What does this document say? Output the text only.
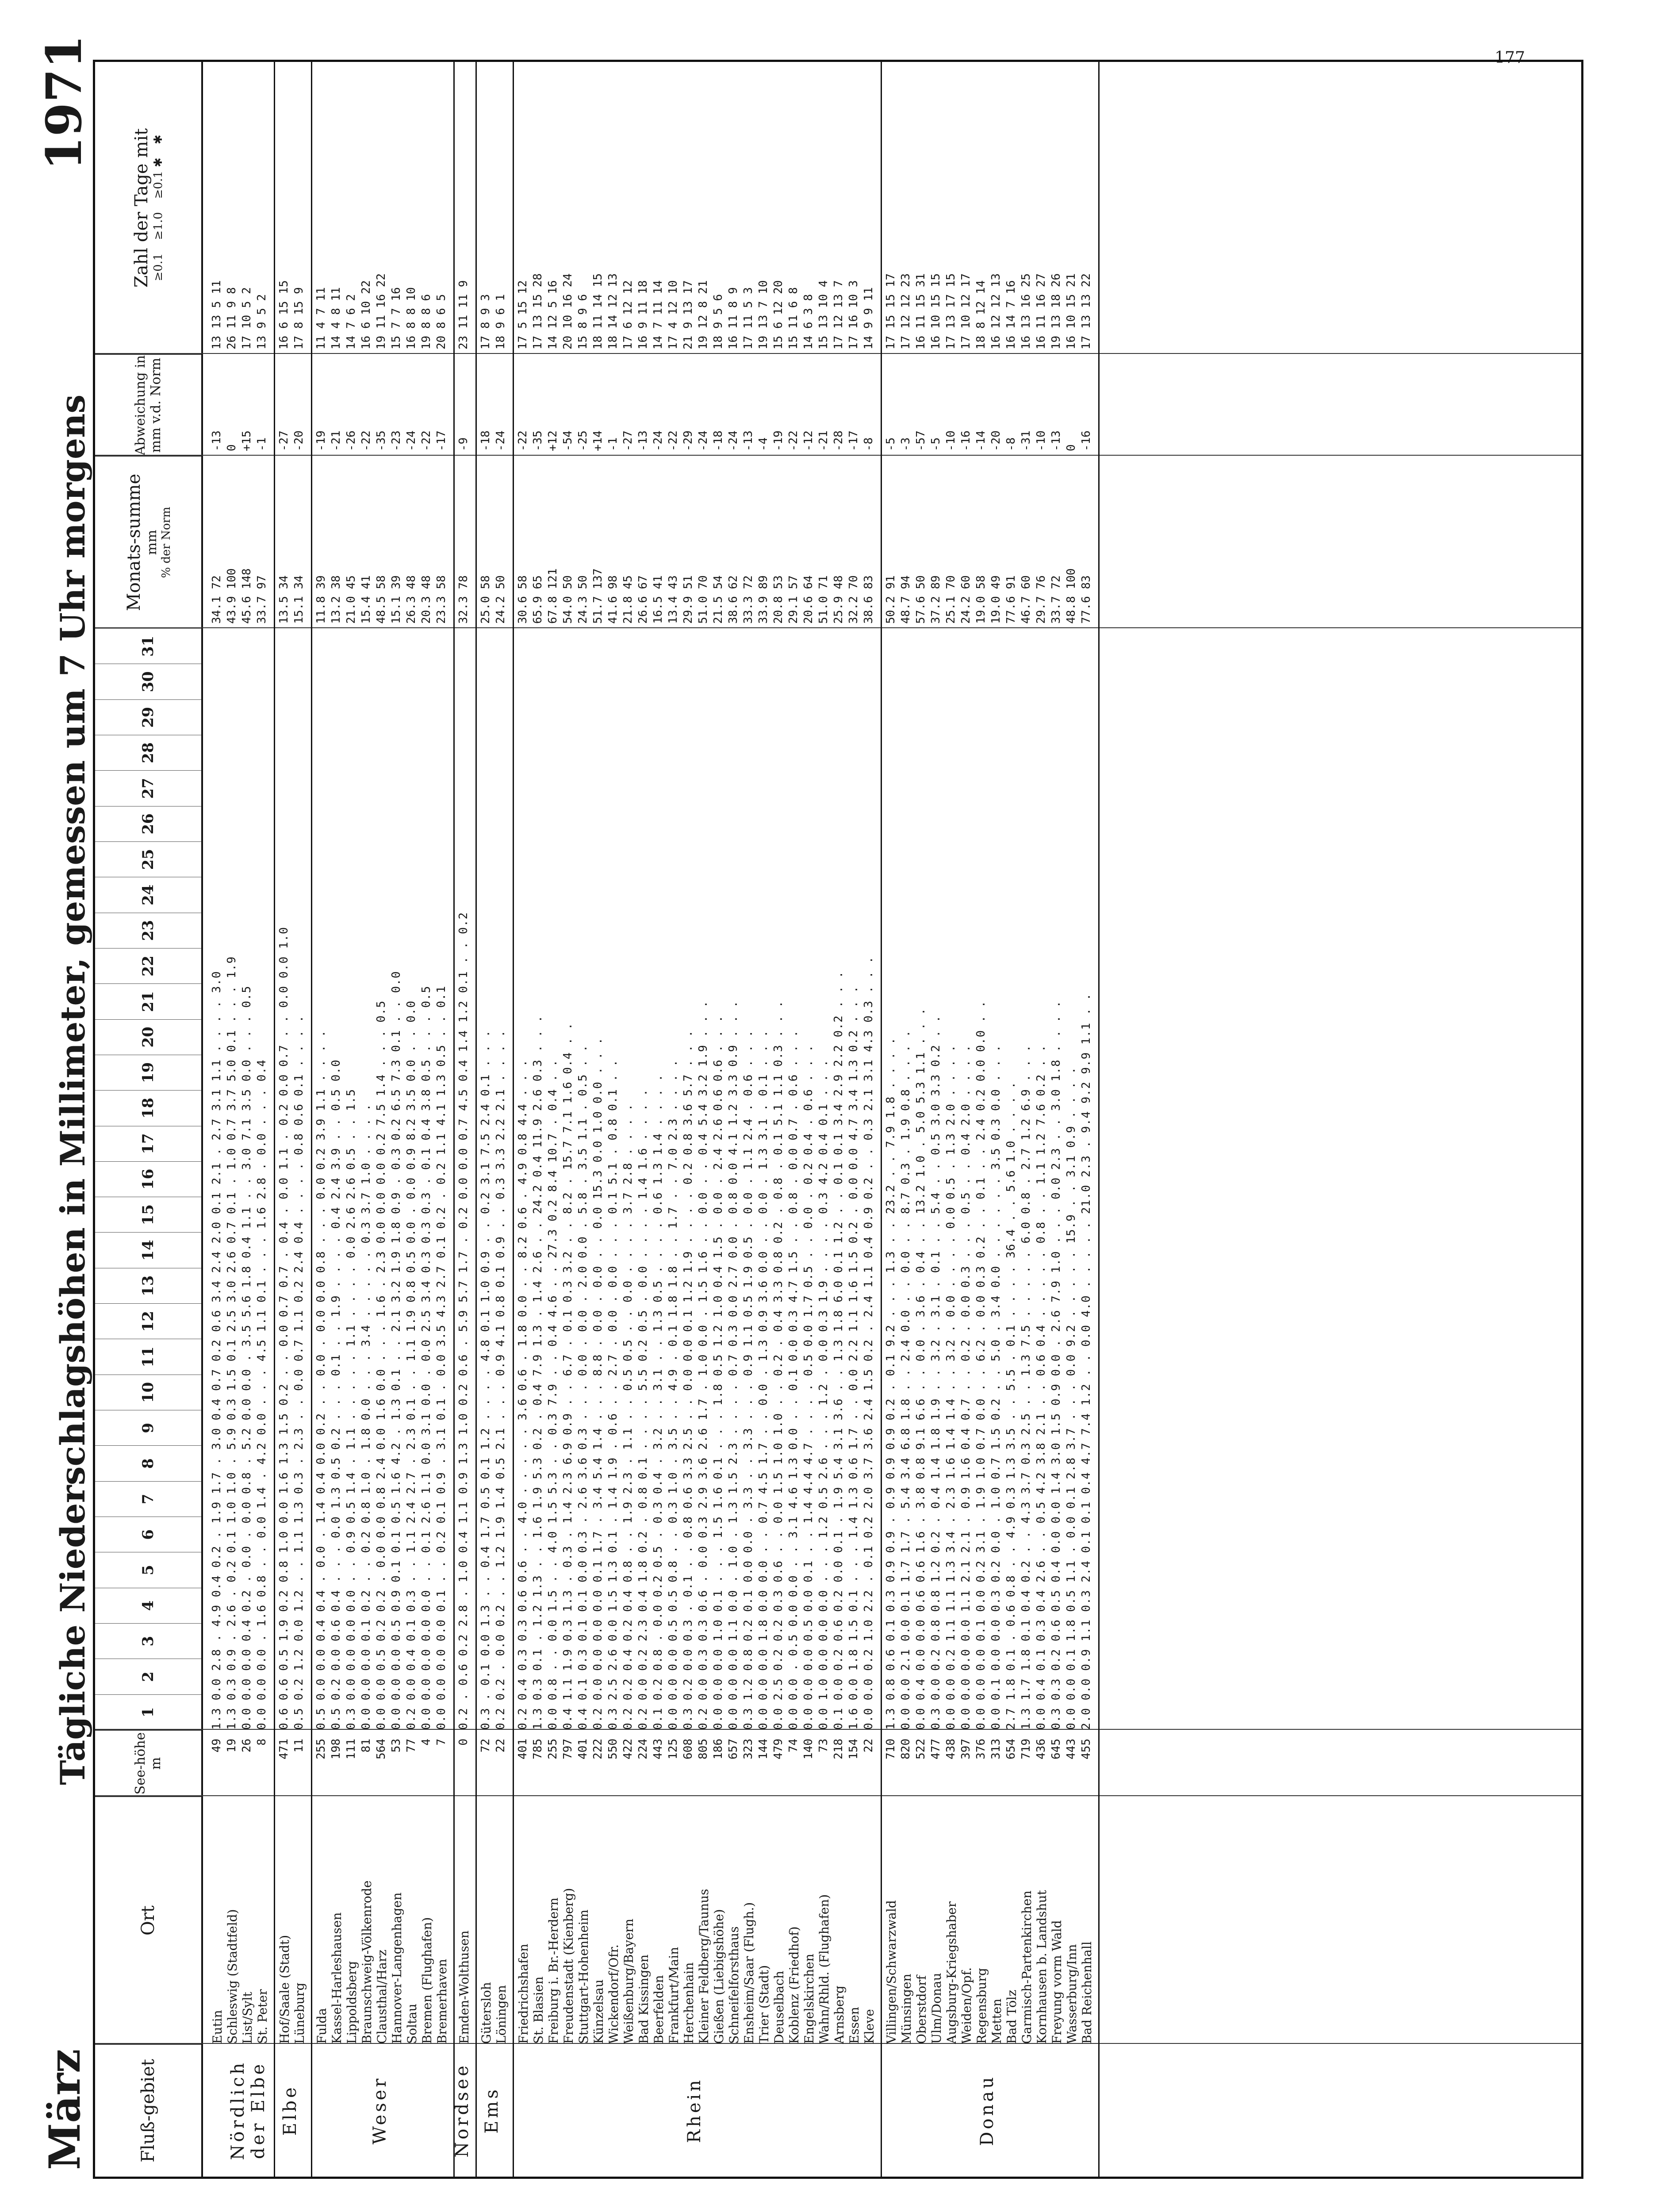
177
März
Tägliche Niederschlagshöhen in Millimeter, gemessen um 7 Uhr morgens
1971
Fluß-gebiet
Ort
See-höhe m
1
2
3
4
5
6
7
8
9
10
11
12
13
14
15
16
17
18
19
20
21
22
23
24
25
26
27
28
29
30
31
Monats-summe mm % der Norm
Abweichung in mm v.d. Norm
Zahl der Tage mit ≥0.1
≥1.0
≥0.1 ✱
✱
Eutin
49
1.3 0.0 2.8 . 4.9 0.4 0.2 . 1.9 1.7 . 3.0 0.4 0.7 0.2 0.6 3.4 2.4 2.0 0.1 2.1 . 2.7 3.1 1.1 . . . . 3.0
34.1 72
-13
13 13 5 11
Schleswig (Stadtfeld)
19
1.3 0.3 0.9 . 2.6 . 0.2 0.1 1.0 1.0 . 5.9 0.3 1.5 0.1 2.5 3.0 2.6 0.7 0.1 . 1.0 0.7 3.7 5.0 0.1 . . . 1.9
43.9 100
0
26 11 9 8
List/Sylt
26
0.0 0.0 0.0 0.4 0.2 . 0.0 . 0.0 0.8 . 5.2 0.0 0.0 . 3.5 5.6 1.8 0.4 1.1 . . 3.0 7.1 3.5 0.0 . . . 0.5
45.6 148
+15
17 10 5 2
St. Peter
8
0.0 0.0 0.0 . 1.6 0.8 . . 0.0 1.4 . 4.2 0.0 . . . 4.5 1.1 0.1 . . . 1.6 2.8 . 0.0 . . . 0.4
33.7 97
-1
13 9 5 2
Nördlich der Elbe
Hof/Saale (Stadt)
471
0.6 0.6 0.5 1.9 0.2 0.8 1.0 0.0 1.6 1.3 1.5 0.2 . . 0.0 0.7 0.7 . 0.4 . 0.0 1.1 . 0.2 0.0 0.7 . . 0.0 0.0 1.0
13.5 34
-27
16 6 15 15
Lüneburg
11
0.5 0.2 1.2 0.0 1.2 . . 1.1 1.3 0.3 . 2.3 . . 0.0 0.7 1.1 0.2 2.4 0.4 . . . . 0.8 0.6 0.1 . . . .
15.1 34
-20
17 8 15 9
Elbe
Fulda
255
0.5 0.0 0.0 0.4 0.4 . 0.0 . 1.4 0.4 0.0 0.2 . . 0.0 . 0.0 0.0 0.8 . . . 0.0 0.2 3.9 1.1 . . . .
11.8 39
-19
11 4 7 11
Kassel-Harleshausen
198
0.5 0.2 0.0 0.6 0.4 . . . 0.0 1.3 0.5 0.2 . . . 0.1 . . 1.9 . . . . 0.4 2.4 3.9 . . 0.5 0.0
13.2 38
-21
14 4 8 11
Lippoldsberg
111
0.3 0.0 0.0 0.0 0.0 . . 0.9 0.5 1.4 . 1.1 . . . . . 1.1 . . . . 0.0 2.6 2.6 0.5 . . 1.5
21.0 45
-26
14 7 6 2
Braunschweig-Völkenrode
81
0.0 0.0 0.0 0.1 0.2 . . 0.2 0.8 1.0 . 1.8 0.0 . . . 3.4 . . . . . 0.3 3.7 1.0 . . . .
15.4 41
-22
16 6 10 22
Clausthal/Harz
564
0.0 0.0 0.5 0.2 0.2 . 0.0 0.0 0.8 2.4 0.0 1.6 0.0 . . . 1.6 . 2.3 0.0 0.0 0.0 0.2 7.5 1.4 . . . 0.5
48.5 58
-35
19 11 16 22
Hannover-Langenhagen
53
0.0 0.0 0.0 0.5 0.9 0.1 0.1 0.5 1.6 4.2 . 1.3 0.1 . . 2.1 3.2 1.9 1.8 0.9 . 0.3 0.2 6.5 7.3 0.1 . . 0.0
15.1 39
-23
15 7 7 16
Soltau
77
0.2 0.0 0.4 0.1 0.3 . . 1.1 2.4 2.7 . 2.3 0.1 . . 1.1 1.9 0.8 0.5 0.0 . 0.0 0.9 8.2 3.5 0.0 . . 0.0
26.3 48
-24
16 8 8 10
Bremen (Flughafen)
4
0.0 0.0 0.0 0.0 0.0 . . 0.1 2.6 1.1 0.0 3.1 0.0 . 0.0 2.5 3.4 0.3 0.3 0.3 . 0.1 0.4 3.8 0.5 . . . 0.5
20.3 48
-22
19 8 8 6
Bremerhaven
7
0.0 0.0 0.0 0.0 0.1 . . 0.2 0.1 0.9 . 3.1 0.1 . 0.0 3.5 4.3 2.7 0.1 0.2 . 0.2 1.1 4.1 1.3 0.5 . . 0.1
23.3 58
-17
20 8 6 5
Weser
Emden-Wolthusen
0
0.2 . 0.6 0.2 2.8 . 1.0 0.4 1.1 0.9 1.3 1.0 0.2 0.6 . 5.9 5.7 1.7 . 0.2 0.0 0.0 0.7 4.5 0.4 1.4 1.2 0.1 . . 0.2
32.3 78
-9
23 11 11 9
Nordsee
Gütersloh
72
0.3 . 0.1 0.0 1.3 . . 0.4 1.7 0.5 0.1 1.2 . . . . 4.8 0.1 1.0 0.9 . . 0.2 3.1 7.5 2.4 0.1 . . .
25.0 58
-18
17 8 9 3
Löningen
22
0.2 0.2 . 0.0 0.2 . . 1.2 1.9 1.4 0.5 2.1 . . . 0.9 4.1 0.8 0.1 0.9 . . 0.3 3.3 2.2 2.1 . . . .
24.2 50
-24
18 9 6 1
Ems
Friedrichshafen
401
0.2 0.4 0.3 0.3 0.6 0.6 . . 4.0 . . . . . 3.6 0.6 . 1.8 0.0 . . 8.2 0.6 . 4.9 0.8 4.4 . . .
30.6 58
-22
17 5 15 12
St. Blasien
785
1.3 0.3 0.1 . 1.2 1.3 . . 1.6 1.9 5.3 0.2 . 0.4 7.9 1.3 . 1.4 2.6 . . 24.2 0.4 11.9 2.6 0.3 . . .
65.9 65
-35
17 13 15 28
Freiburg i. Br.-Herdern
255
0.0 0.8 . . 0.0 1.5 . . 4.0 1.5 5.3 . . 0.3 7.9 . . 0.4 4.6 . . 27.3 0.2 8.4 10.7 . 0.4 . .
67.8 121
+12
14 12 5 16
Freudenstadt (Kienberg)
797
0.4 1.1 1.9 0.3 1.3 . 0.3 . 1.4 2.3 6.9 0.9 . . 6.7 . 0.1 0.3 3.2 . . 8.2 . 15.7 7.1 1.6 0.4 . .
54.0 50
-54
20 10 16 24
Stuttgart-Hohenheim
401
0.4 0.1 0.3 0.1 0.1 0.0 0.3 . 2.6 3.6 0.3 . . . 0.0 . 0.0 . 2.0 0.0 . 5.8 . 3.5 1.1 . 0.5 . .
24.3 50
-25
15 8 9 6
Künzelsau
222
0.2 0.0 0.0 0.0 0.0 0.1 1.7 . 3.4 5.4 1.4 . . . 8.8 . 0.0 . 0.0 . . 0.0 15.3 0.0 1.0 0.0 . . .
51.7 137
+14
18 11 14 15
Wickendorf/Ofr.
550
0.3 2.5 2.6 0.0 1.5 1.3 0.1 . 1.4 1.9 . 0.6 . . 2.7 . 0.0 . 0.0 . . . 0.1 5.1 . 0.8 0.1 . .
41.6 98
-1
18 14 12 13
Weißenburg/Bayern
422
0.2 0.2 0.4 0.2 0.4 0.8 . . 1.9 2.3 . 1.1 . . 0.5 0.5 . . 0.0 . . . . 3.7 2.8 . . . .
21.8 45
-27
17 6 12 12
Bad Kissingen
224
0.2 0.0 0.2 2.3 0.4 1.8 0.2 . 0.8 0.1 . . . . 5.5 0.2 0.5 . 0.0 . . . . 1.4 1.6 . . . .
26.6 67
-13
16 9 11 18
Beerfelden
443
0.1 0.2 0.8 . 0.0 0.2 0.5 . 0.3 0.4 . 3.2 . . 3.1 . . 1.3 0.5 . . . . 0.6 1.3 1.4 . . . .
16.5 41
-24
14 7 11 14
Frankfurt/Main
125
0.0 0.0 0.0 0.5 0.5 0.8 . . 0.3 1.0 . 3.5 . . 4.9 . 0.1 1.8 1.8 . . 1.7 . . 7.0 2.3 . . . .
13.4 43
-22
17 4 12 10
Herchenhain
608
0.3 0.2 0.0 0.3 . 0.1 . . 0.8 0.6 3.3 2.5 . . 0.0 0.0 0.1 1.2 1.9 . . . . 0.2 0.8 3.6 5.7 . . .
29.9 51
-29
21 9 13 17
Kleiner Feldberg/Taunus
805
0.2 0.0 0.3 0.3 0.6 . 0.0 0.3 2.9 3.6 2.6 1.7 . 1.0 0.0 . 1.5 1.6 . . 0.0 . . 0.4 5.4 3.2 1.9 . . .
51.0 70
-24
19 12 8 21
Gießen (Liebigshöhe)
186
0.0 0.0 0.0 1.0 0.1 . . . 1.5 1.6 0.1 . . . 1.8 0.5 1.2 1.0 0.4 1.5 . 0.0 . 2.4 2.6 0.6 0.6 . . .
21.5 54
-18
18 9 5 6
Schneifelforsthaus
657
0.0 0.0 0.0 1.1 0.0 . 1.0 . 1.3 1.5 2.3 . . . . 0.7 0.3 0.0 2.7 0.0 . 0.8 0.0 4.1 1.2 3.3 0.9 . . .
38.6 62
-24
16 11 8 9
Ensheim/Saar (Flugh.)
323
0.3 1.2 0.8 0.2 0.1 0.0 0.0 . 3.3 . . 3.3 . . . 0.9 1.1 0.5 1.9 0.5 . 0.0 . 1.1 2.4 . 0.6 . . .
33.3 72
-13
17 11 5 3
Trier (Stadt)
144
0.0 0.0 0.0 1.8 0.0 0.0 . . 0.7 4.5 1.7 . . 0.0 . 1.3 0.9 3.6 0.0 . . 0.0 . 1.3 3.1 . 0.1 . . .
33.9 89
-4
19 13 7 10
Deuselbach
479
0.0 2.5 0.2 0.2 0.3 0.6 . . 0.0 1.5 1.0 1.0 . . 0.2 . 0.4 3.3 0.8 0.2 . 0.8 . 0.1 5.1 1.1 0.3 . . .
20.8 53
-19
15 6 12 20
Koblenz (Friedhof)
74
0.0 0.0 . 0.5 0.0 0.0 . . 3.1 4.6 1.3 0.0 . . 0.1 0.0 0.3 4.7 1.5 . . 0.8 . 0.0 0.7 . 0.6 . . .
29.1 57
-22
15 11 6 8
Engelskirchen
140
0.0 0.0 0.0 0.5 0.0 0.1 . . 1.4 4.4 4.7 . . . . 0.5 0.0 1.7 0.5 . . 0.0 . 0.2 0.4 . 0.6 . . .
20.6 64
-12
14 6 3 8
Wahn/Rhld. (Flughafen)
73
0.0 1.0 0.0 0.0 0.0 . . . 1.2 0.5 2.6 . . . 1.2 . 0.0 0.3 1.9 . . . . 0.3 4.2 0.4 0.1 . . .
51.0 71
-21
15 13 10 4
Arnsberg
218
0.1 0.0 0.2 0.6 0.2 0.0 0.1 . 1.9 5.4 3.1 3.6 . . 1.3 1.8 6.0 0.1 1.2 . . 0.1 0.1 3.4 2.9 2.2 0.2 . . .
25.9 48
-28
17 12 13 7
Essen
154
1.6 0.0 1.8 1.5 0.1 . . . 1.4 1.3 0.6 1.7 . . 0.0 2.2 1.1 1.6 1.5 0.2 . 0.0 0.0 4.7 3.4 1.3 0.2 . . .
32.2 70
-17
17 16 10 3
Kleve
22
0.0 0.0 0.2 1.0 2.2 . 0.1 0.2 2.0 3.7 3.6 2.4 1.5 0.2 . 2.4 1.1 0.4 0.9 0.2 . . 0.3 2.1 3.1 4.3 0.3 . . .
38.6 83
-8
14 9 9 11
Rhein
Villingen/Schwarzwald
710
1.3 0.8 0.6 0.1 0.3 0.9 0.9 . 0.9 0.9 0.9 0.2 . 0.1 9.2 . . . 1.3 . . 23.2 . . 7.9 1.8 . . . .
50.2 91
-5
17 15 15 17
Münsingen
820
0.0 0.0 2.1 0.0 0.1 1.7 1.7 . 5.4 3.4 6.8 1.8 . . 2.4 0.0 . . 0.0 . . 8.7 0.3 . 1.9 0.8 . . . .
48.7 94
-3
17 12 12 23
Oberstdorf
522
0.0 0.4 0.0 0.0 0.6 0.6 1.6 . 3.8 0.8 9.1 6.6 . . 0.0 . 3.6 . 0.4 . . 13.2 1.0 . 5.0 5.3 1.1 . . .
57.6 50
-57
16 11 15 31
Ulm/Donau
477
0.3 0.0 0.2 0.8 0.8 1.2 0.2 . 0.4 1.4 1.8 1.9 . . 3.2 . 3.1 . 0.1 . . 5.4 . . 0.5 3.0 3.3 0.2 . .
37.2 89
-5
16 10 15 15
Augsburg-Kriegshaber
438
0.0 0.0 0.2 1.1 1.1 1.3 3.4 . 2.3 1.6 1.4 1.4 . . 3.2 . 0.0 . . . . 0.0 0.5 . 1.3 2.0 . . . .
25.1 70
-10
17 13 17 15
Weiden/Opf.
397
0.0 0.0 0.0 0.0 1.1 2.1 2.1 . 0.9 1.6 0.4 0.7 . . 0.2 . 0.0 0.3 . . . 0.5 . . 0.4 2.0 . . . .
24.2 60
-16
17 10 12 17
Regensburg
376
0.0 0.0 0.0 0.1 0.0 0.2 3.1 . 1.9 1.0 0.7 0.0 . . 6.2 . 0.0 0.3 0.2 . . 0.1 . . 2.4 0.2 0.0 0.0 . .
19.0 58
-14
18 8 12 14
Metten
313
0.0 0.1 0.0 0.0 0.3 0.2 0.0 . 1.0 0.7 1.5 0.2 . . 5.0 . 3.4 0.0 . . . . . . 3.5 0.3 0.0 . . .
19.0 49
-20
16 12 12 13
Bad Tölz
654
2.7 1.8 0.1 . 0.6 0.8 . . 4.9 0.3 1.3 3.5 . . 5.5 . 0.1 . . . . 36.4 . . 5.6 1.0 . . . .
77.6 91
-8
16 14 7 16
Garmisch-Partenkirchen
719
1.3 1.7 1.8 0.1 0.4 0.2 . . 4.3 3.7 0.3 2.5 . . 1.3 7.5 . . . . . 6.0 0.8 . 2.7 1.2 6.9 . . .
46.7 60
-31
16 13 16 25
Kornhausen b. Landshut
436
0.0 0.4 0.1 0.3 0.4 2.6 . . 0.5 4.2 3.8 2.1 . . 0.6 0.4 . . . . . 0.8 . . 1.1 1.2 7.6 0.2 . .
29.7 76
-10
16 11 16 27
Freyung vorm Wald
645
0.3 0.3 0.2 0.6 0.5 0.4 0.0 0.0 1.4 3.0 1.5 0.9 0.0 . 2.6 7.9 1.0 . . . 0.0 2.3 . . 3.0 1.8 . . . .
33.7 72
-13
19 13 18 26
Wasserburg/Inn
443
0.0 0.0 0.1 1.8 0.5 1.1 . 0.0 0.1 2.8 3.7 . . . 0.0 9.2 . . . . . 15.9 . . 3.1 0.9 . . . .
48.8 100
0
16 10 15 21
Bad Reichenhall
455
2.0 0.0 0.9 1.1 0.3 2.4 0.1 0.1 0.4 4.7 7.4 1.2 . . 0.0 4.0 . . . . . 21.0 2.3 . 9.4 9.2 9.9 1.1 . .
77.6 83
-16
17 13 13 22
Donau
